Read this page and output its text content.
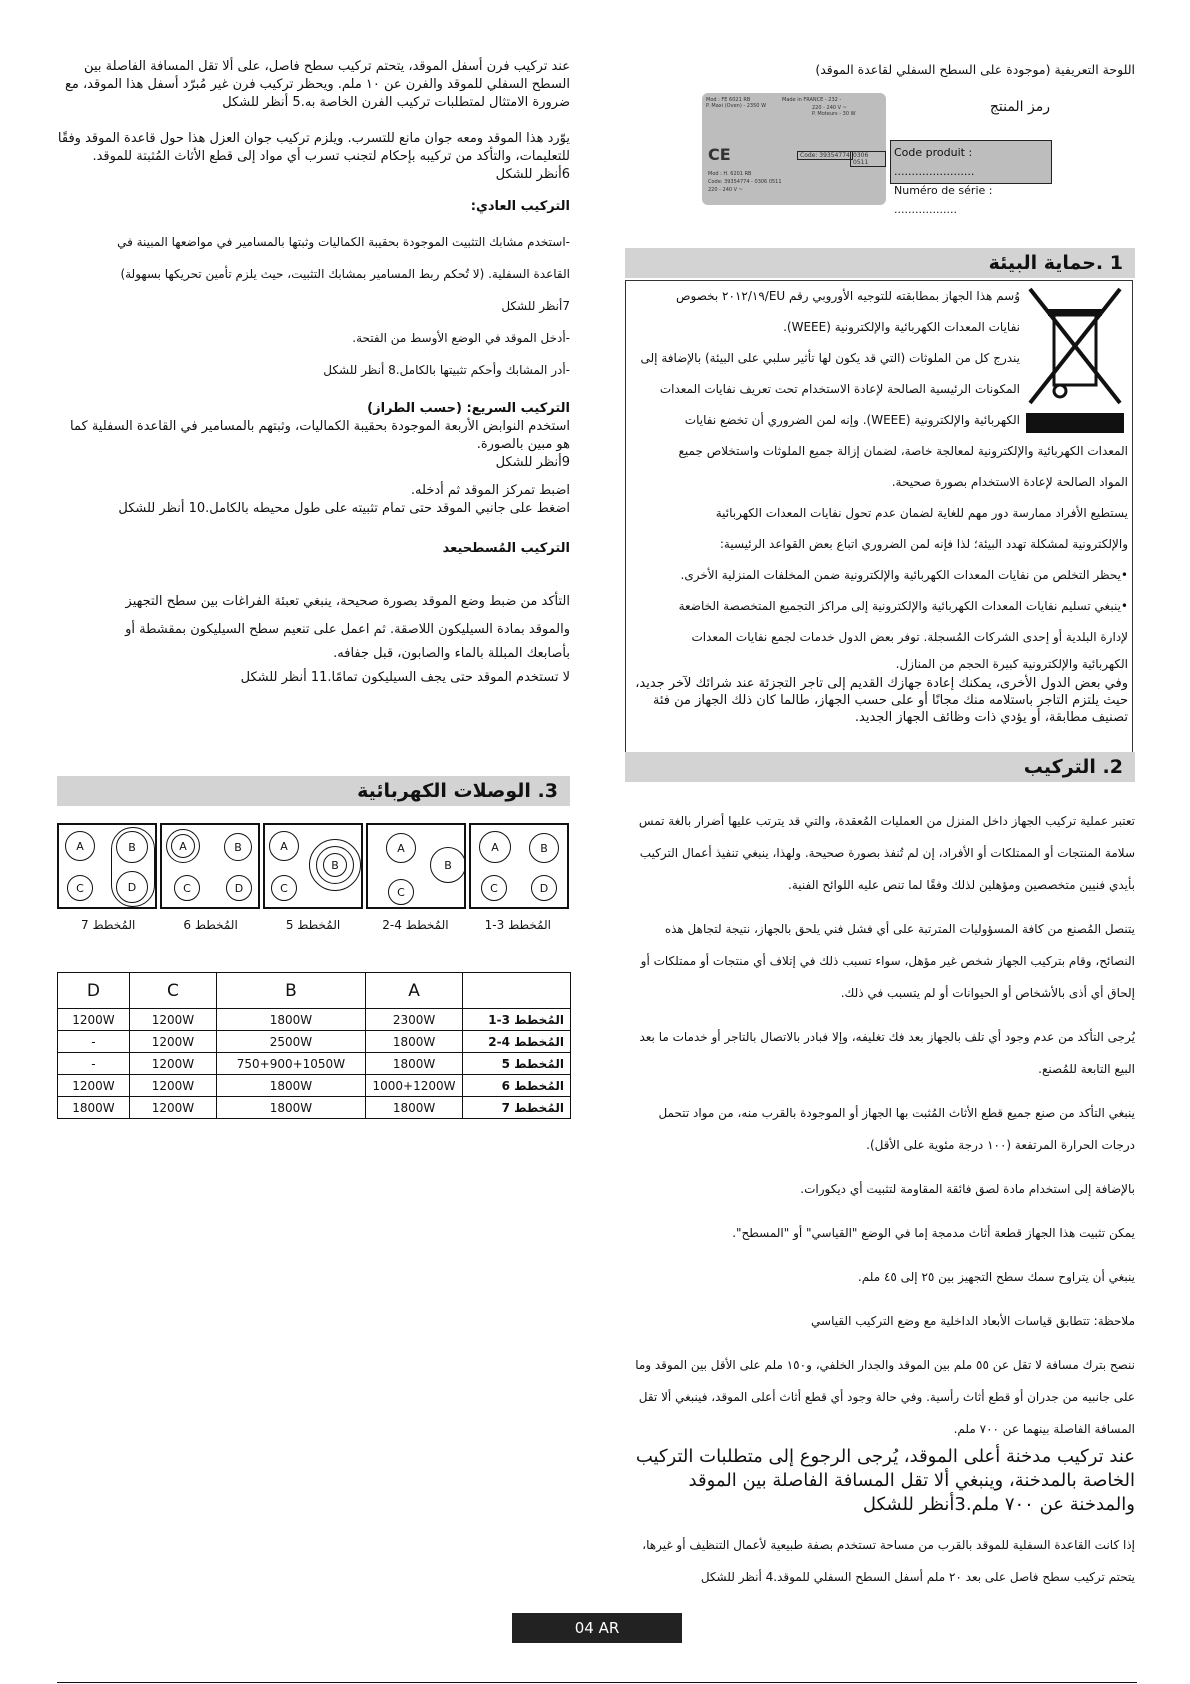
اللوحة التعريفية (موجودة على السطح السفلي لقاعدة الموقد)
رمز المنتج
Mod : FE 6021 RB
P. Maxi (Oven) - 2350 W
Made in FRANCE - 232 -
220 - 240 V ~
P. Moteurs - 30 W
CE	Code: 39354774 0306 0511
Mod : H. 6201 RB
Code: 39354774 - 0306 0511
220 - 240 V ~
Code produit : .......................
Numéro de série : ..................
1 .حماية البيئة

وُسم هذا الجهاز بمطابقته للتوجيه الأوروبي رقم EU/٢٠١٢/١٩ بخصوص

نفايات المعدات الكهربائية والإلكترونية (WEEE).

يندرج كل من الملوثات (التي قد يكون لها تأثير سلبي على البيئة) بالإضافة إلى

المكونات الرئيسية الصالحة لإعادة الاستخدام تحت تعريف نفايات المعدات

الكهربائية والإلكترونية (WEEE). وإنه لمن الضروري أن تخضع نفايات

المعدات الكهربائية والإلكترونية لمعالجة خاصة، لضمان إزالة جميع الملوثات واستخلاص جميع

المواد الصالحة لإعادة الاستخدام بصورة صحيحة.

يستطيع الأفراد ممارسة دور مهم للغاية لضمان عدم تحول نفايات المعدات الكهربائية

والإلكترونية لمشكلة تهدد البيئة؛ لذا فإنه لمن الضروري اتباع بعض القواعد الرئيسية:

•يحظر التخلص من نفايات المعدات الكهربائية والإلكترونية ضمن المخلفات المنزلية الأخرى.

•ينبغي تسليم نفايات المعدات الكهربائية والإلكترونية إلى مراكز التجميع المتخصصة الخاضعة

لإدارة البلدية أو إحدى الشركات المُسجلة. توفر بعض الدول خدمات لجمع نفايات المعدات

الكهربائية والإلكترونية كبيرة الحجم من المنازل.

وفي بعض الدول الأخرى، يمكنك إعادة جهازك القديم إلى تاجر التجزئة عند شرائك لآخر جديد، حيث يلتزم التاجر باستلامه منك مجانًا أو على حسب الجهاز، طالما كان ذلك الجهاز من فئة تصنيف مطابقة، أو يؤدي ذات وظائف الجهاز الجديد.

2. التركيب

تعتبر عملية تركيب الجهاز داخل المنزل من العمليات المُعقدة، والتي قد يترتب عليها أضرار بالغة تمس سلامة المنتجات أو الممتلكات أو الأفراد، إن لم تُنفذ بصورة صحيحة. ولهذا، ينبغي تنفيذ أعمال التركيب بأيدي فنيين متخصصين ومؤهلين لذلك وفقًا لما تنص عليه اللوائح الفنية.

يتنصل المُصنع من كافة المسؤوليات المترتبة على أي فشل فني يلحق بالجهاز، نتيجة لتجاهل هذه النصائح، وقام بتركيب الجهاز شخص غير مؤهل، سواء تسبب ذلك في إتلاف أي منتجات أو ممتلكات أو إلحاق أي أذى بالأشخاص أو الحيوانات أو لم يتسبب في ذلك.

يُرجى التأكد من عدم وجود أي تلف بالجهاز بعد فك تغليفه، وإلا فبادر بالاتصال بالتاجر أو خدمات ما بعد البيع التابعة للمُصنع.

ينبغي التأكد من صنع جميع قطع الأثاث المُثبت بها الجهاز أو الموجودة بالقرب منه، من مواد تتحمل درجات الحرارة المرتفعة (١٠٠ درجة مئوية على الأقل).

بالإضافة إلى استخدام مادة لصق فائقة المقاومة لتثبيت أي ديكورات.

يمكن تثبيت هذا الجهاز قطعة أثاث مدمجة إما في الوضع "القياسي" أو "المسطح".

ينبغي أن يتراوح سمك سطح التجهيز بين ٢٥ إلى ٤٥ ملم.

ملاحظة: تتطابق قياسات الأبعاد الداخلية مع وضع التركيب القياسي

ننصح بترك مسافة لا تقل عن ٥٥ ملم بين الموقد والجدار الخلفي، و١٥٠ ملم على الأقل بين الموقد وما على جانبيه من جدران أو قطع أثاث رأسية. وفي حالة وجود أي قطع أثاث أعلى الموقد، فينبغي ألا تقل المسافة الفاصلة بينهما عن ٧٠٠ ملم.

عند تركيب مدخنة أعلى الموقد، يُرجى الرجوع إلى متطلبات التركيب الخاصة بالمدخنة، وينبغي ألا تقل المسافة الفاصلة بين الموقد والمدخنة عن ٧٠٠ ملم.3أنظر للشكل

إذا كانت القاعدة السفلية للموقد بالقرب من مساحة تستخدم بصفة طبيعية لأعمال التنظيف أو غيرها، يتحتم تركيب سطح فاصل على بعد ٢٠ ملم أسفل السطح السفلي للموقد.4 أنظر للشكل

عند تركيب فرن أسفل الموقد، يتحتم تركيب سطح فاصل، على ألا تقل المسافة الفاصلة بين السطح السفلي للموقد والفرن عن ١٠ ملم. ويحظر تركيب فرن غير مُبرّد أسفل هذا الموقد، مع ضرورة الامتثال لمتطلبات تركيب الفرن الخاصة به.5 أنظر للشكل

يوّرد هذا الموقد ومعه جوان مانع للتسرب. ويلزم تركيب جوان العزل هذا حول قاعدة الموقد وفقًا للتعليمات، والتأكد من تركيبه بإحكام لتجنب تسرب أي مواد إلى قطع الأثاث المُثبتة للموقد. 6أنظر للشكل

التركيب العادي:

-استخدم مشابك التثبيت الموجودة بحقيبة الكماليات وثبتها بالمسامير في مواضعها المبينة في

القاعدة السفلية. (لا تُحكم ربط المسامير بمشابك التثبيت، حيث يلزم تأمين تحريكها بسهولة)

7أنظر للشكل

-أدخل الموقد في الوضع الأوسط من الفتحة.

-أدر المشابك وأحكم تثبيتها بالكامل.8 أنظر للشكل

التركيب السريع: (حسب الطراز)

استخدم النوابض الأربعة الموجودة بحقيبة الكماليات، وثبتهم بالمسامير في القاعدة السفلية كما هو مبين بالصورة.

9أنظر للشكل

اضبط تمركز الموقد ثم أدخله.

اضغط على جانبي الموقد حتى تمام تثبيته على طول محيطه بالكامل.10 أنظر للشكل

التركيب المُسطحيعد

التأكد من ضبط وضع الموقد بصورة صحيحة، ينبغي تعبئة الفراغات بين سطح التجهيز

والموقد بمادة السيليكون اللاصقة. ثم اعمل على تنعيم سطح السيليكون بمقشطة أو

بأصابعك المبللة بالماء والصابون، قبل جفافه.

لا تستخدم الموقد حتى يجف السيليكون تمامًا.11 أنظر للشكل

3. الوصلات الكهربائية
A	B
C	D
A	B
C	D
A
B
C
A
B
C
A	B
C	D
المُخطط 7	المُخطط 6	المُخطط 5	المُخطط 4-2	المُخطط 3-1
D	C	B	A	
1200W	1200W	1800W	2300W	المُخطط 3-1
-	1200W	2500W	1800W	المُخطط 4-2
-	1200W	750+900+1050W	1800W	المُخطط 5
1200W	1200W	1800W	1000+1200W	المُخطط 6
1800W	1200W	1800W	1800W	المُخطط 7
04 AR
